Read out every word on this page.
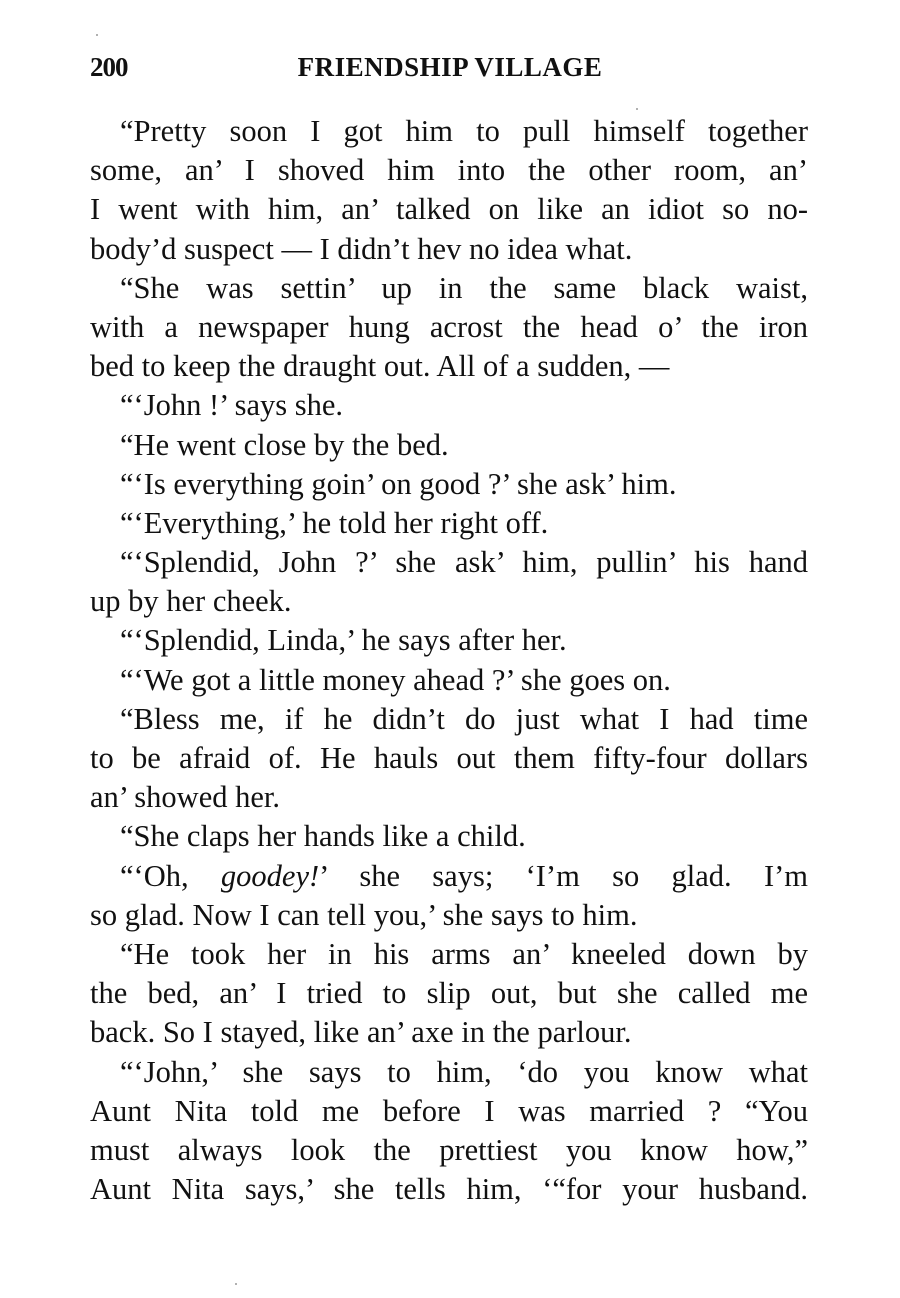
200	FRIENDSHIP VILLAGE
“Pretty soon I got him to pull himself together
some, an’ I shoved him into the other room, an’
I went with him, an’ talked on like an idiot so no-
body’d suspect — I didn’t hev no idea what.
“She was settin’ up in the same black waist,
with a newspaper hung acrost the head o’ the iron
bed to keep the draught out. All of a sudden, —
“‘John !’ says she.
“He went close by the bed.
“‘Is everything goin’ on good ?’ she ask’ him.
“‘Everything,’ he told her right off.
“‘Splendid, John ?’ she ask’ him, pullin’ his hand
up by her cheek.
“‘Splendid, Linda,’ he says after her.
“‘We got a little money ahead ?’ she goes on.
“Bless me, if he didn’t do just what I had time
to be afraid of. He hauls out them fifty-four dollars
an’ showed her.
“She claps her hands like a child.
“‘Oh, goodey!’ she says; ‘I’m so glad. I’m
so glad. Now I can tell you,’ she says to him.
“He took her in his arms an’ kneeled down by
the bed, an’ I tried to slip out, but she called me
back. So I stayed, like an’ axe in the parlour.
“‘John,’ she says to him, ‘do you know what
Aunt Nita told me before I was married ? “You
must always look the prettiest you know how,”
Aunt Nita says,’ she tells him, ‘“for your husband.
